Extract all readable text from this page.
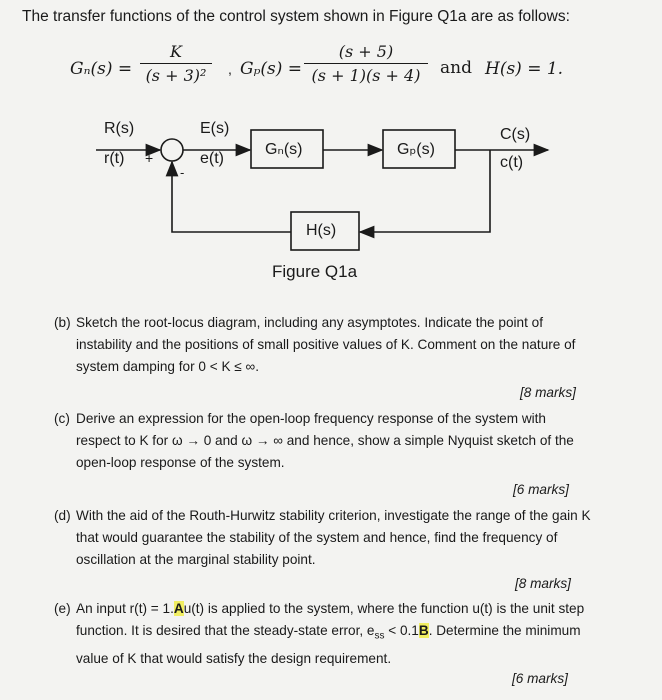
The transfer functions of the control system shown in Figure Q1a are as follows:
Gₙ(s) =
K
(s + 3)²	, Gₚ(s) =
(s + 5)
(s + 1)(s + 4)	and H(s) = 1.
R(s)
r(t) +
-
E(s)
e(t)
Gₙ(s)	Gₚ(s)
C(s)
c(t)
H(s)
Figure Q1a
(b) Sketch the root-locus diagram, including any asymptotes. Indicate the point of instability and the positions of small positive values of K. Comment on the nature of system damping for 0 < K ≤ ∞.
[8 marks]
(c) Derive an expression for the open-loop frequency response of the system with respect to K for ω → 0 and ω → ∞ and hence, show a simple Nyquist sketch of the open-loop response of the system.
[6 marks]
(d) With the aid of the Routh-Hurwitz stability criterion, investigate the range of the gain K that would guarantee the stability of the system and hence, find the frequency of oscillation at the marginal stability point.
[8 marks]
(e) An input r(t) = 1.Au(t) is applied to the system, where the function u(t) is the unit step function. It is desired that the steady-state error, $e_{ss} < 0.1B$. Determine the minimum value of K that would satisfy the design requirement.
[6 marks]
